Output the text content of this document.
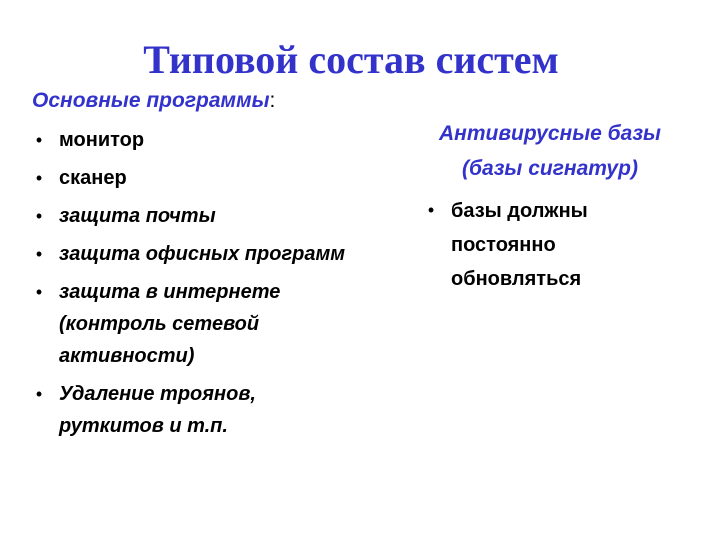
Типовой состав систем
Основные программы:
• монитор
• сканер
• защита почты
• защита офисных программ
• защита в интернете (контроль сетевой активности)
• Удаление троянов, руткитов и т.п.
Антивирусные базы (базы сигнатур)
• базы должны постоянно обновляться
